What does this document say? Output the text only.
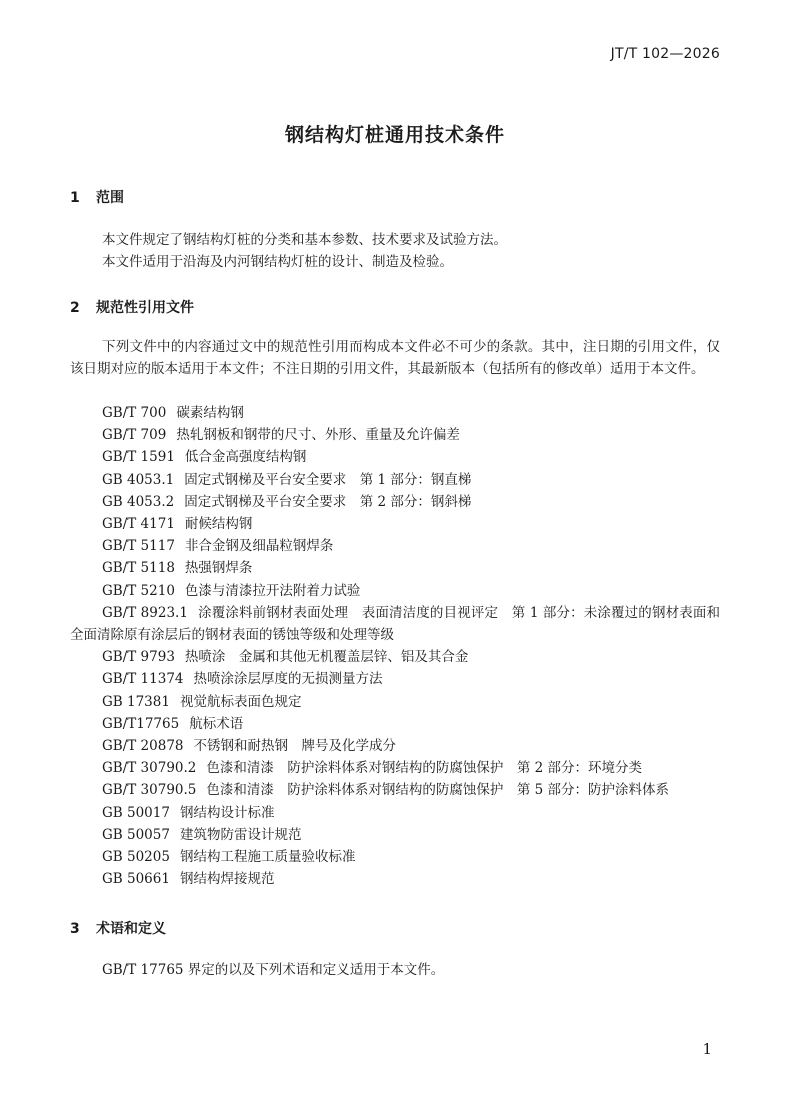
JT/T 102—2026
钢结构灯桩通用技术条件
1 范围

本文件规定了钢结构灯桩的分类和基本参数、技术要求及试验方法。

本文件适用于沿海及内河钢结构灯桩的设计、制造及检验。

2 规范性引用文件

下列文件中的内容通过文中的规范性引用而构成本文件必不可少的条款。其中，注日期的引用文件，仅该日期对应的版本适用于本文件；不注日期的引用文件，其最新版本（包括所有的修改单）适用于本文件。

GB/T 700 碳素结构钢
GB/T 709 热轧钢板和钢带的尺寸、外形、重量及允许偏差
GB/T 1591 低合金高强度结构钢
GB 4053.1 固定式钢梯及平台安全要求　第 1 部分：钢直梯
GB 4053.2 固定式钢梯及平台安全要求　第 2 部分：钢斜梯
GB/T 4171 耐候结构钢
GB/T 5117 非合金钢及细晶粒钢焊条
GB/T 5118 热强钢焊条
GB/T 5210 色漆与清漆拉开法附着力试验
GB/T 8923.1 涂覆涂料前钢材表面处理　表面清洁度的目视评定　第 1 部分：未涂覆过的钢材表面和全面清除原有涂层后的钢材表面的锈蚀等级和处理等级
GB/T 9793 热喷涂　金属和其他无机覆盖层锌、铝及其合金
GB/T 11374 热喷涂涂层厚度的无损测量方法
GB 17381 视觉航标表面色规定
GB/T17765 航标术语
GB/T 20878 不锈钢和耐热钢　牌号及化学成分
GB/T 30790.2 色漆和清漆　防护涂料体系对钢结构的防腐蚀保护　第 2 部分：环境分类
GB/T 30790.5 色漆和清漆　防护涂料体系对钢结构的防腐蚀保护　第 5 部分：防护涂料体系
GB 50017 钢结构设计标准
GB 50057 建筑物防雷设计规范
GB 50205 钢结构工程施工质量验收标准
GB 50661 钢结构焊接规范
3 术语和定义

GB/T 17765 界定的以及下列术语和定义适用于本文件。

1
